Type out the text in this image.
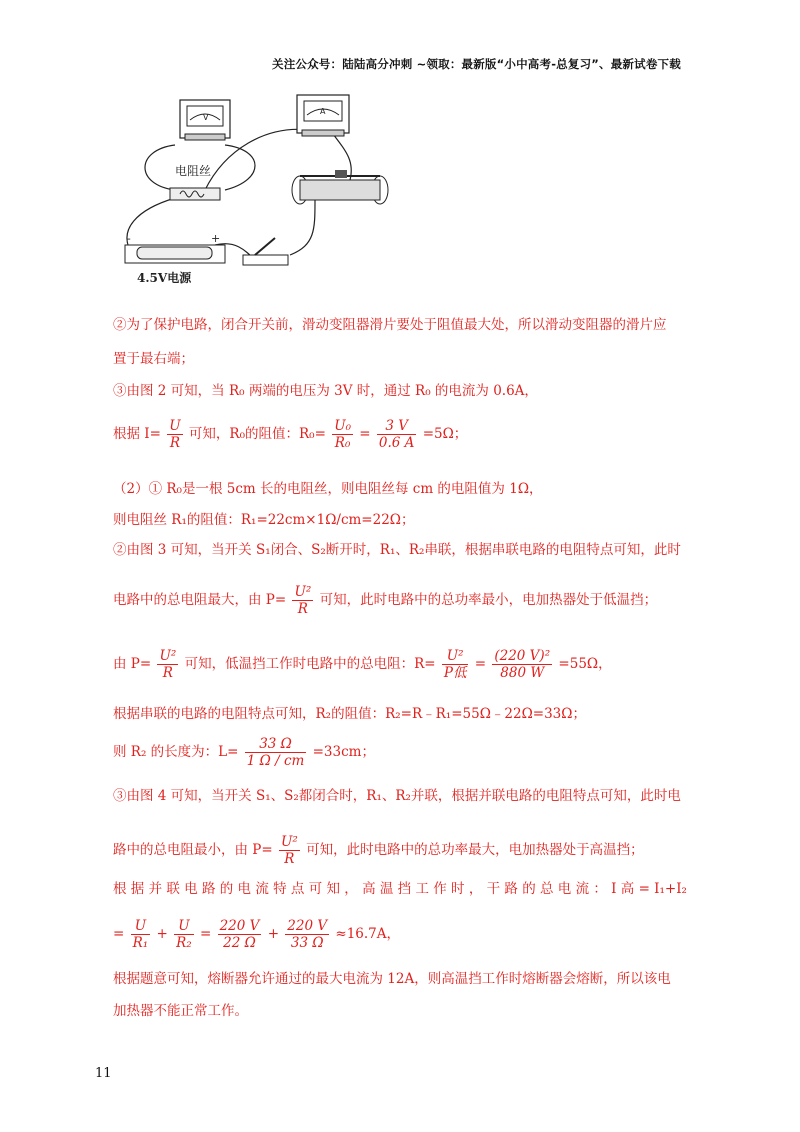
关注公众号：陆陆高分冲刺 ~领取：最新版“小中高考-总复习”、最新试卷下载
V
A
电阻丝
-	+
4.5V电源
②为了保护电路，闭合开关前，滑动变阻器滑片要处于阻值最大处，所以滑动变阻器的滑片应
置于最右端；
③由图 2 可知，当 R₀ 两端的电压为 3V 时，通过 R₀ 的电流为 0.6A，
根据 $I= \frac{U}{R}$ 可知，R₀的阻值：$R_0= \frac{\text{U₀}}{\text{R₀}} = \frac{3 V}{0.6 A} =5\Omega$；
（2）① R₀是一根 5cm 长的电阻丝，则电阻丝每 cm 的电阻值为 1Ω，
则电阻丝 R₁的阻值：R₁=22cm×1Ω/cm=22Ω；
②由图 3 可知，当开关 S₁闭合、S₂断开时，R₁、R₂串联，根据串联电路的电阻特点可知，此时
电路中的总电阻最大，由 $P= \frac{\text{U²}}{R}$ 可知，此时电路中的总功率最小，电加热器处于低温挡；
由 $P= \frac{\text{U²}}{R}$ 可知，低温挡工作时电路中的总电阻：$R= \frac{\text{U²}}{\text{P低}} = \frac{\text{(220 V)²}}{880 W} =55\Omega$，
根据串联的电路的电阻特点可知，R₂的阻值：R₂=R﹣R₁=55Ω﹣22Ω=33Ω；
则 R₂ 的长度为：$L= \frac{33 \Omega}{1 \Omega / cm} =33cm$；
③由图 4 可知，当开关 S₁、S₂都闭合时，R₁、R₂并联，根据并联电路的电阻特点可知，此时电
路中的总电阻最小，由 $P= \frac{\text{U²}}{R}$ 可知，此时电路中的总功率最大，电加热器处于高温挡；
根 据 并 联 电 路 的 电 流 特 点 可 知 ， 高 温 挡 工 作 时 ， 干 路 的 总 电 流 ： I 高 = I₁+I₂
= $\frac{U}{\text{R₁}} + \frac{U}{\text{R₂}} = \frac{220 V}{22 \Omega} + \frac{220 V}{33 \Omega} \approx 16.7A$，
根据题意可知，熔断器允许通过的最大电流为 12A，则高温挡工作时熔断器会熔断，所以该电
加热器不能正常工作。
11
